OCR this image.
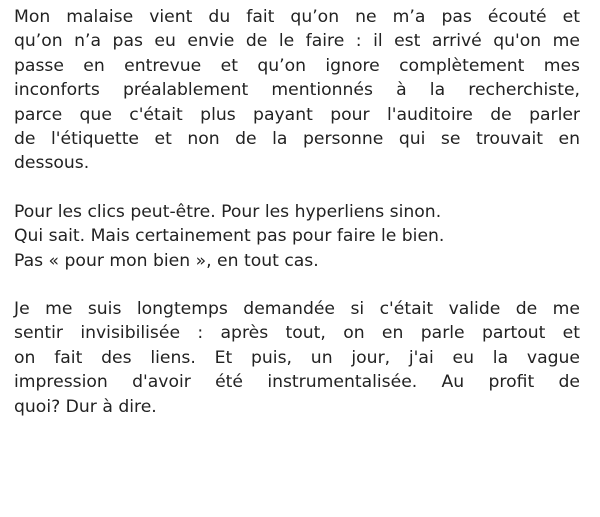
Mon malaise vient du fait qu’on ne m’a pas écouté et
qu’on n’a pas eu envie de le faire : il est arrivé qu'on me
passe en entrevue et qu’on ignore complètement mes
inconforts préalablement mentionnés à la recherchiste,
parce que c'était plus payant pour l'auditoire de parler
de l'étiquette et non de la personne qui se trouvait en
dessous.
Pour les clics peut-être. Pour les hyperliens sinon.
Qui sait. Mais certainement pas pour faire le bien.
Pas « pour mon bien », en tout cas.
Je me suis longtemps demandée si c'était valide de me
sentir invisibilisée : après tout, on en parle partout et
on fait des liens. Et puis, un jour, j'ai eu la vague
impression d'avoir été instrumentalisée. Au profit de
quoi? Dur à dire.
